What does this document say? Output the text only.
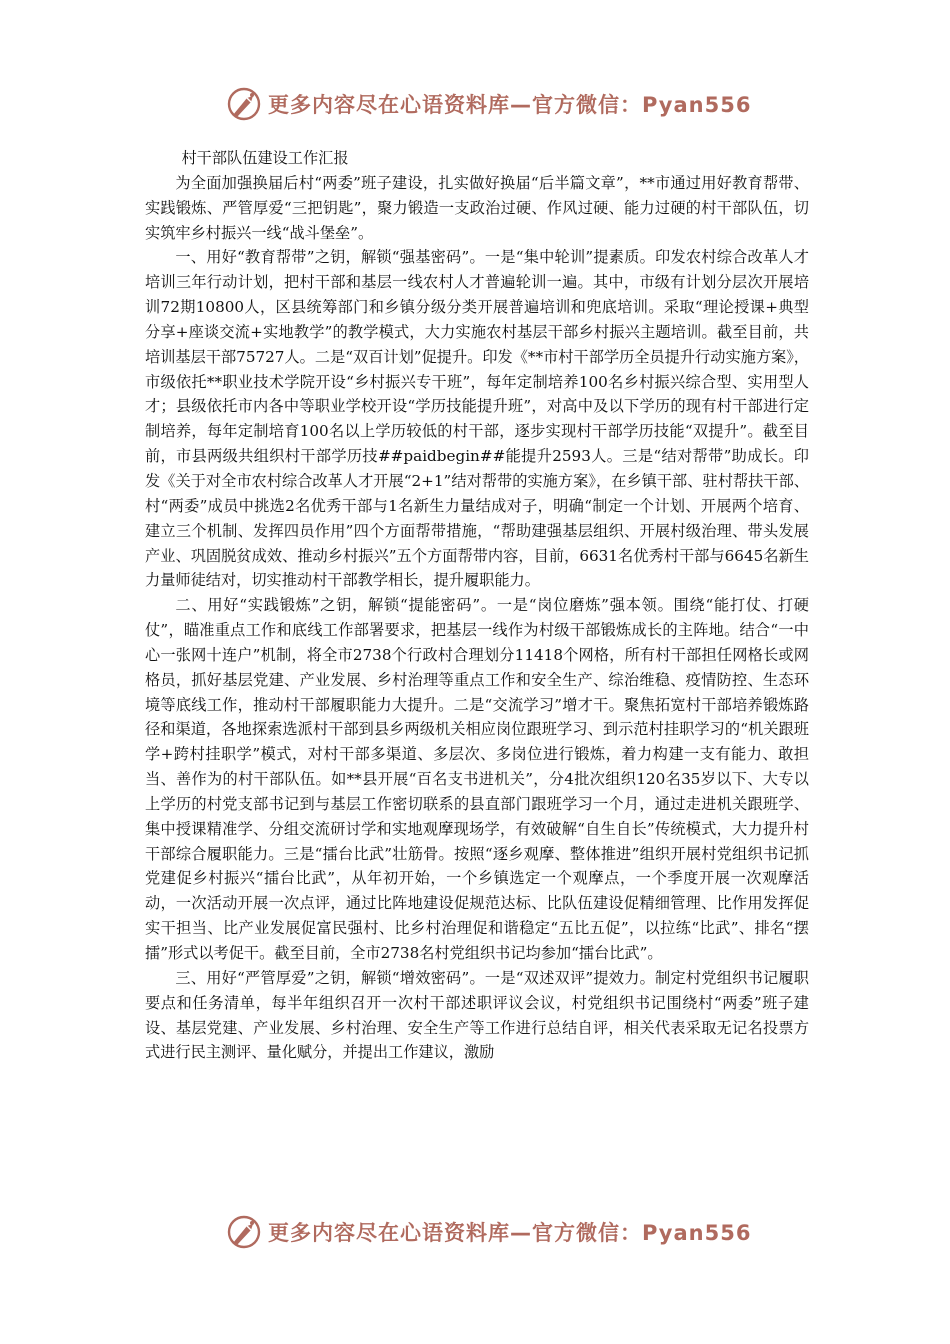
更多内容尽在心语资料库—官方微信：Pyan556

村干部队伍建设工作汇报

为全面加强换届后村“两委”班子建设，扎实做好换届“后半篇文章”，**市通过用好教育帮带、实践锻炼、严管厚爱“三把钥匙”，聚力锻造一支政治过硬、作风过硬、能力过硬的村干部队伍，切实筑牢乡村振兴一线“战斗堡垒”。

一、用好“教育帮带”之钥，解锁“强基密码”。一是“集中轮训”提素质。印发农村综合改革人才培训三年行动计划，把村干部和基层一线农村人才普遍轮训一遍。其中，市级有计划分层次开展培训72期10800人，区县统筹部门和乡镇分级分类开展普遍培训和兜底培训。采取“理论授课+典型分享+座谈交流+实地教学”的教学模式，大力实施农村基层干部乡村振兴主题培训。截至目前，共培训基层干部75727人。二是“双百计划”促提升。印发《**市村干部学历全员提升行动实施方案》，市级依托**职业技术学院开设“乡村振兴专干班”，每年定制培养100名乡村振兴综合型、实用型人才；县级依托市内各中等职业学校开设“学历技能提升班”，对高中及以下学历的现有村干部进行定制培养，每年定制培育100名以上学历较低的村干部，逐步实现村干部学历技能“双提升”。截至目前，市县两级共组织村干部学历技##paidbegin##能提升2593人。三是“结对帮带”助成长。印发《关于对全市农村综合改革人才开展“2+1”结对帮带的实施方案》，在乡镇干部、驻村帮扶干部、村“两委”成员中挑选2名优秀干部与1名新生力量结成对子，明确“制定一个计划、开展两个培育、建立三个机制、发挥四员作用”四个方面帮带措施，“帮助建强基层组织、开展村级治理、带头发展产业、巩固脱贫成效、推动乡村振兴”五个方面帮带内容，目前，6631名优秀村干部与6645名新生力量师徒结对，切实推动村干部教学相长，提升履职能力。

二、用好“实践锻炼”之钥，解锁“提能密码”。一是“岗位磨炼”强本领。围绕“能打仗、打硬仗”，瞄准重点工作和底线工作部署要求，把基层一线作为村级干部锻炼成长的主阵地。结合“一中心一张网十连户”机制，将全市2738个行政村合理划分11418个网格，所有村干部担任网格长或网格员，抓好基层党建、产业发展、乡村治理等重点工作和安全生产、综治维稳、疫情防控、生态环境等底线工作，推动村干部履职能力大提升。二是“交流学习”增才干。聚焦拓宽村干部培养锻炼路径和渠道，各地探索选派村干部到县乡两级机关相应岗位跟班学习、到示范村挂职学习的“机关跟班学+跨村挂职学”模式，对村干部多渠道、多层次、多岗位进行锻炼，着力构建一支有能力、敢担当、善作为的村干部队伍。如**县开展“百名支书进机关”，分4批次组织120名35岁以下、大专以上学历的村党支部书记到与基层工作密切联系的县直部门跟班学习一个月，通过走进机关跟班学、集中授课精准学、分组交流研讨学和实地观摩现场学，有效破解“自生自长”传统模式，大力提升村干部综合履职能力。三是“擂台比武”壮筋骨。按照“逐乡观摩、整体推进”组织开展村党组织书记抓党建促乡村振兴“擂台比武”，从年初开始，一个乡镇选定一个观摩点，一个季度开展一次观摩活动，一次活动开展一次点评，通过比阵地建设促规范达标、比队伍建设促精细管理、比作用发挥促实干担当、比产业发展促富民强村、比乡村治理促和谐稳定“五比五促”，以拉练“比武”、排名“摆擂”形式以考促干。截至目前，全市2738名村党组织书记均参加“擂台比武”。

三、用好“严管厚爱”之钥，解锁“增效密码”。一是“双述双评”提效力。制定村党组织书记履职要点和任务清单，每半年组织召开一次村干部述职评议会议，村党组织书记围绕村“两委”班子建设、基层党建、产业发展、乡村治理、安全生产等工作进行总结自评，相关代表采取无记名投票方式进行民主测评、量化赋分，并提出工作建议，激励

更多内容尽在心语资料库—官方微信：Pyan556
